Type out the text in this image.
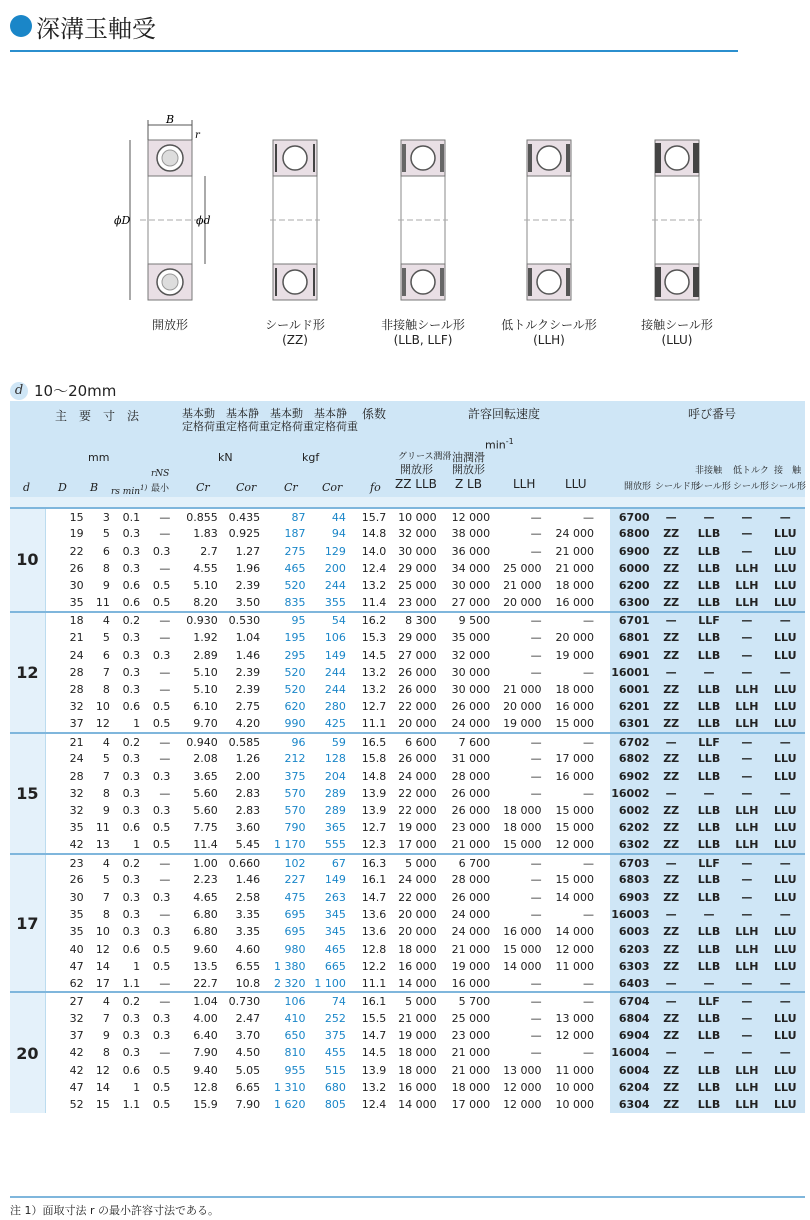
深溝玉軸受
B
r
ϕD	ϕd
開放形	シールド形
(ZZ)
非接触シール形
(LLB, LLF)
低トルクシール形
(LLH)
接触シール形
(LLU)
d 10～20mm
主　要　寸　法	基本動
定格荷重
基本静
定格荷重
基本動
定格荷重
基本静
定格荷重
係数	許容回転速度
$\min^{-1}$
呼び番号
mm	kN	kgf	グリース潤滑
開放形
油潤滑
開放形
rNS
最小
非接触 低トルク 接　触
d	D B rs $\min^{1)}$	Cr Cor	Cr Cor	fo ZZ LLB Z LB	LLH LLU	開放形 シールド形
シール形 シール形 シール形
10	15	3	0.1	—	0.855	0.435	87	44	15.7	10 000	12 000	—	—		6700	—	—	—	—
	19	5	0.3	—	1.83	0.925	187	94	14.8	32 000	38 000	—	24 000		6800	ZZ	LLB	—	LLU
	22	6	0.3	0.3	2.7	1.27	275	129	14.0	30 000	36 000	—	21 000		6900	ZZ	LLB	—	LLU
	26	8	0.3	—	4.55	1.96	465	200	12.4	29 000	34 000	25 000	21 000		6000	ZZ	LLB	LLH	LLU
	30	9	0.6	0.5	5.10	2.39	520	244	13.2	25 000	30 000	21 000	18 000		6200	ZZ	LLB	LLH	LLU
	35	11	0.6	0.5	8.20	3.50	835	355	11.4	23 000	27 000	20 000	16 000		6300	ZZ	LLB	LLH	LLU
12	18	4	0.2	—	0.930	0.530	95	54	16.2	8 300	9 500	—	—		6701	—	LLF	—	—
	21	5	0.3	—	1.92	1.04	195	106	15.3	29 000	35 000	—	20 000		6801	ZZ	LLB	—	LLU
	24	6	0.3	0.3	2.89	1.46	295	149	14.5	27 000	32 000	—	19 000		6901	ZZ	LLB	—	LLU
	28	7	0.3	—	5.10	2.39	520	244	13.2	26 000	30 000	—	—		16001	—	—	—	—
	28	8	0.3	—	5.10	2.39	520	244	13.2	26 000	30 000	21 000	18 000		6001	ZZ	LLB	LLH	LLU
	32	10	0.6	0.5	6.10	2.75	620	280	12.7	22 000	26 000	20 000	16 000		6201	ZZ	LLB	LLH	LLU
	37	12	1	0.5	9.70	4.20	990	425	11.1	20 000	24 000	19 000	15 000		6301	ZZ	LLB	LLH	LLU
15	21	4	0.2	—	0.940	0.585	96	59	16.5	6 600	7 600	—	—		6702	—	LLF	—	—
	24	5	0.3	—	2.08	1.26	212	128	15.8	26 000	31 000	—	17 000		6802	ZZ	LLB	—	LLU
	28	7	0.3	0.3	3.65	2.00	375	204	14.8	24 000	28 000	—	16 000		6902	ZZ	LLB	—	LLU
	32	8	0.3	—	5.60	2.83	570	289	13.9	22 000	26 000	—	—		16002	—	—	—	—
	32	9	0.3	0.3	5.60	2.83	570	289	13.9	22 000	26 000	18 000	15 000		6002	ZZ	LLB	LLH	LLU
	35	11	0.6	0.5	7.75	3.60	790	365	12.7	19 000	23 000	18 000	15 000		6202	ZZ	LLB	LLH	LLU
	42	13	1	0.5	11.4	5.45	1 170	555	12.3	17 000	21 000	15 000	12 000		6302	ZZ	LLB	LLH	LLU
17	23	4	0.2	—	1.00	0.660	102	67	16.3	5 000	6 700	—	—		6703	—	LLF	—	—
	26	5	0.3	—	2.23	1.46	227	149	16.1	24 000	28 000	—	15 000		6803	ZZ	LLB	—	LLU
	30	7	0.3	0.3	4.65	2.58	475	263	14.7	22 000	26 000	—	14 000		6903	ZZ	LLB	—	LLU
	35	8	0.3	—	6.80	3.35	695	345	13.6	20 000	24 000	—	—		16003	—	—	—	—
	35	10	0.3	0.3	6.80	3.35	695	345	13.6	20 000	24 000	16 000	14 000		6003	ZZ	LLB	LLH	LLU
	40	12	0.6	0.5	9.60	4.60	980	465	12.8	18 000	21 000	15 000	12 000		6203	ZZ	LLB	LLH	LLU
	47	14	1	0.5	13.5	6.55	1 380	665	12.2	16 000	19 000	14 000	11 000		6303	ZZ	LLB	LLH	LLU
	62	17	1.1	—	22.7	10.8	2 320	1 100	11.1	14 000	16 000	—	—		6403	—	—	—	—
20	27	4	0.2	—	1.04	0.730	106	74	16.1	5 000	5 700	—	—		6704	—	LLF	—	—
	32	7	0.3	0.3	4.00	2.47	410	252	15.5	21 000	25 000	—	13 000		6804	ZZ	LLB	—	LLU
	37	9	0.3	0.3	6.40	3.70	650	375	14.7	19 000	23 000	—	12 000		6904	ZZ	LLB	—	LLU
	42	8	0.3	—	7.90	4.50	810	455	14.5	18 000	21 000	—	—		16004	—	—	—	—
	42	12	0.6	0.5	9.40	5.05	955	515	13.9	18 000	21 000	13 000	11 000		6004	ZZ	LLB	LLH	LLU
	47	14	1	0.5	12.8	6.65	1 310	680	13.2	16 000	18 000	12 000	10 000		6204	ZZ	LLB	LLH	LLU
	52	15	1.1	0.5	15.9	7.90	1 620	805	12.4	14 000	17 000	12 000	10 000		6304	ZZ	LLB	LLH	LLU
注 1）面取寸法 r の最小許容寸法である。
